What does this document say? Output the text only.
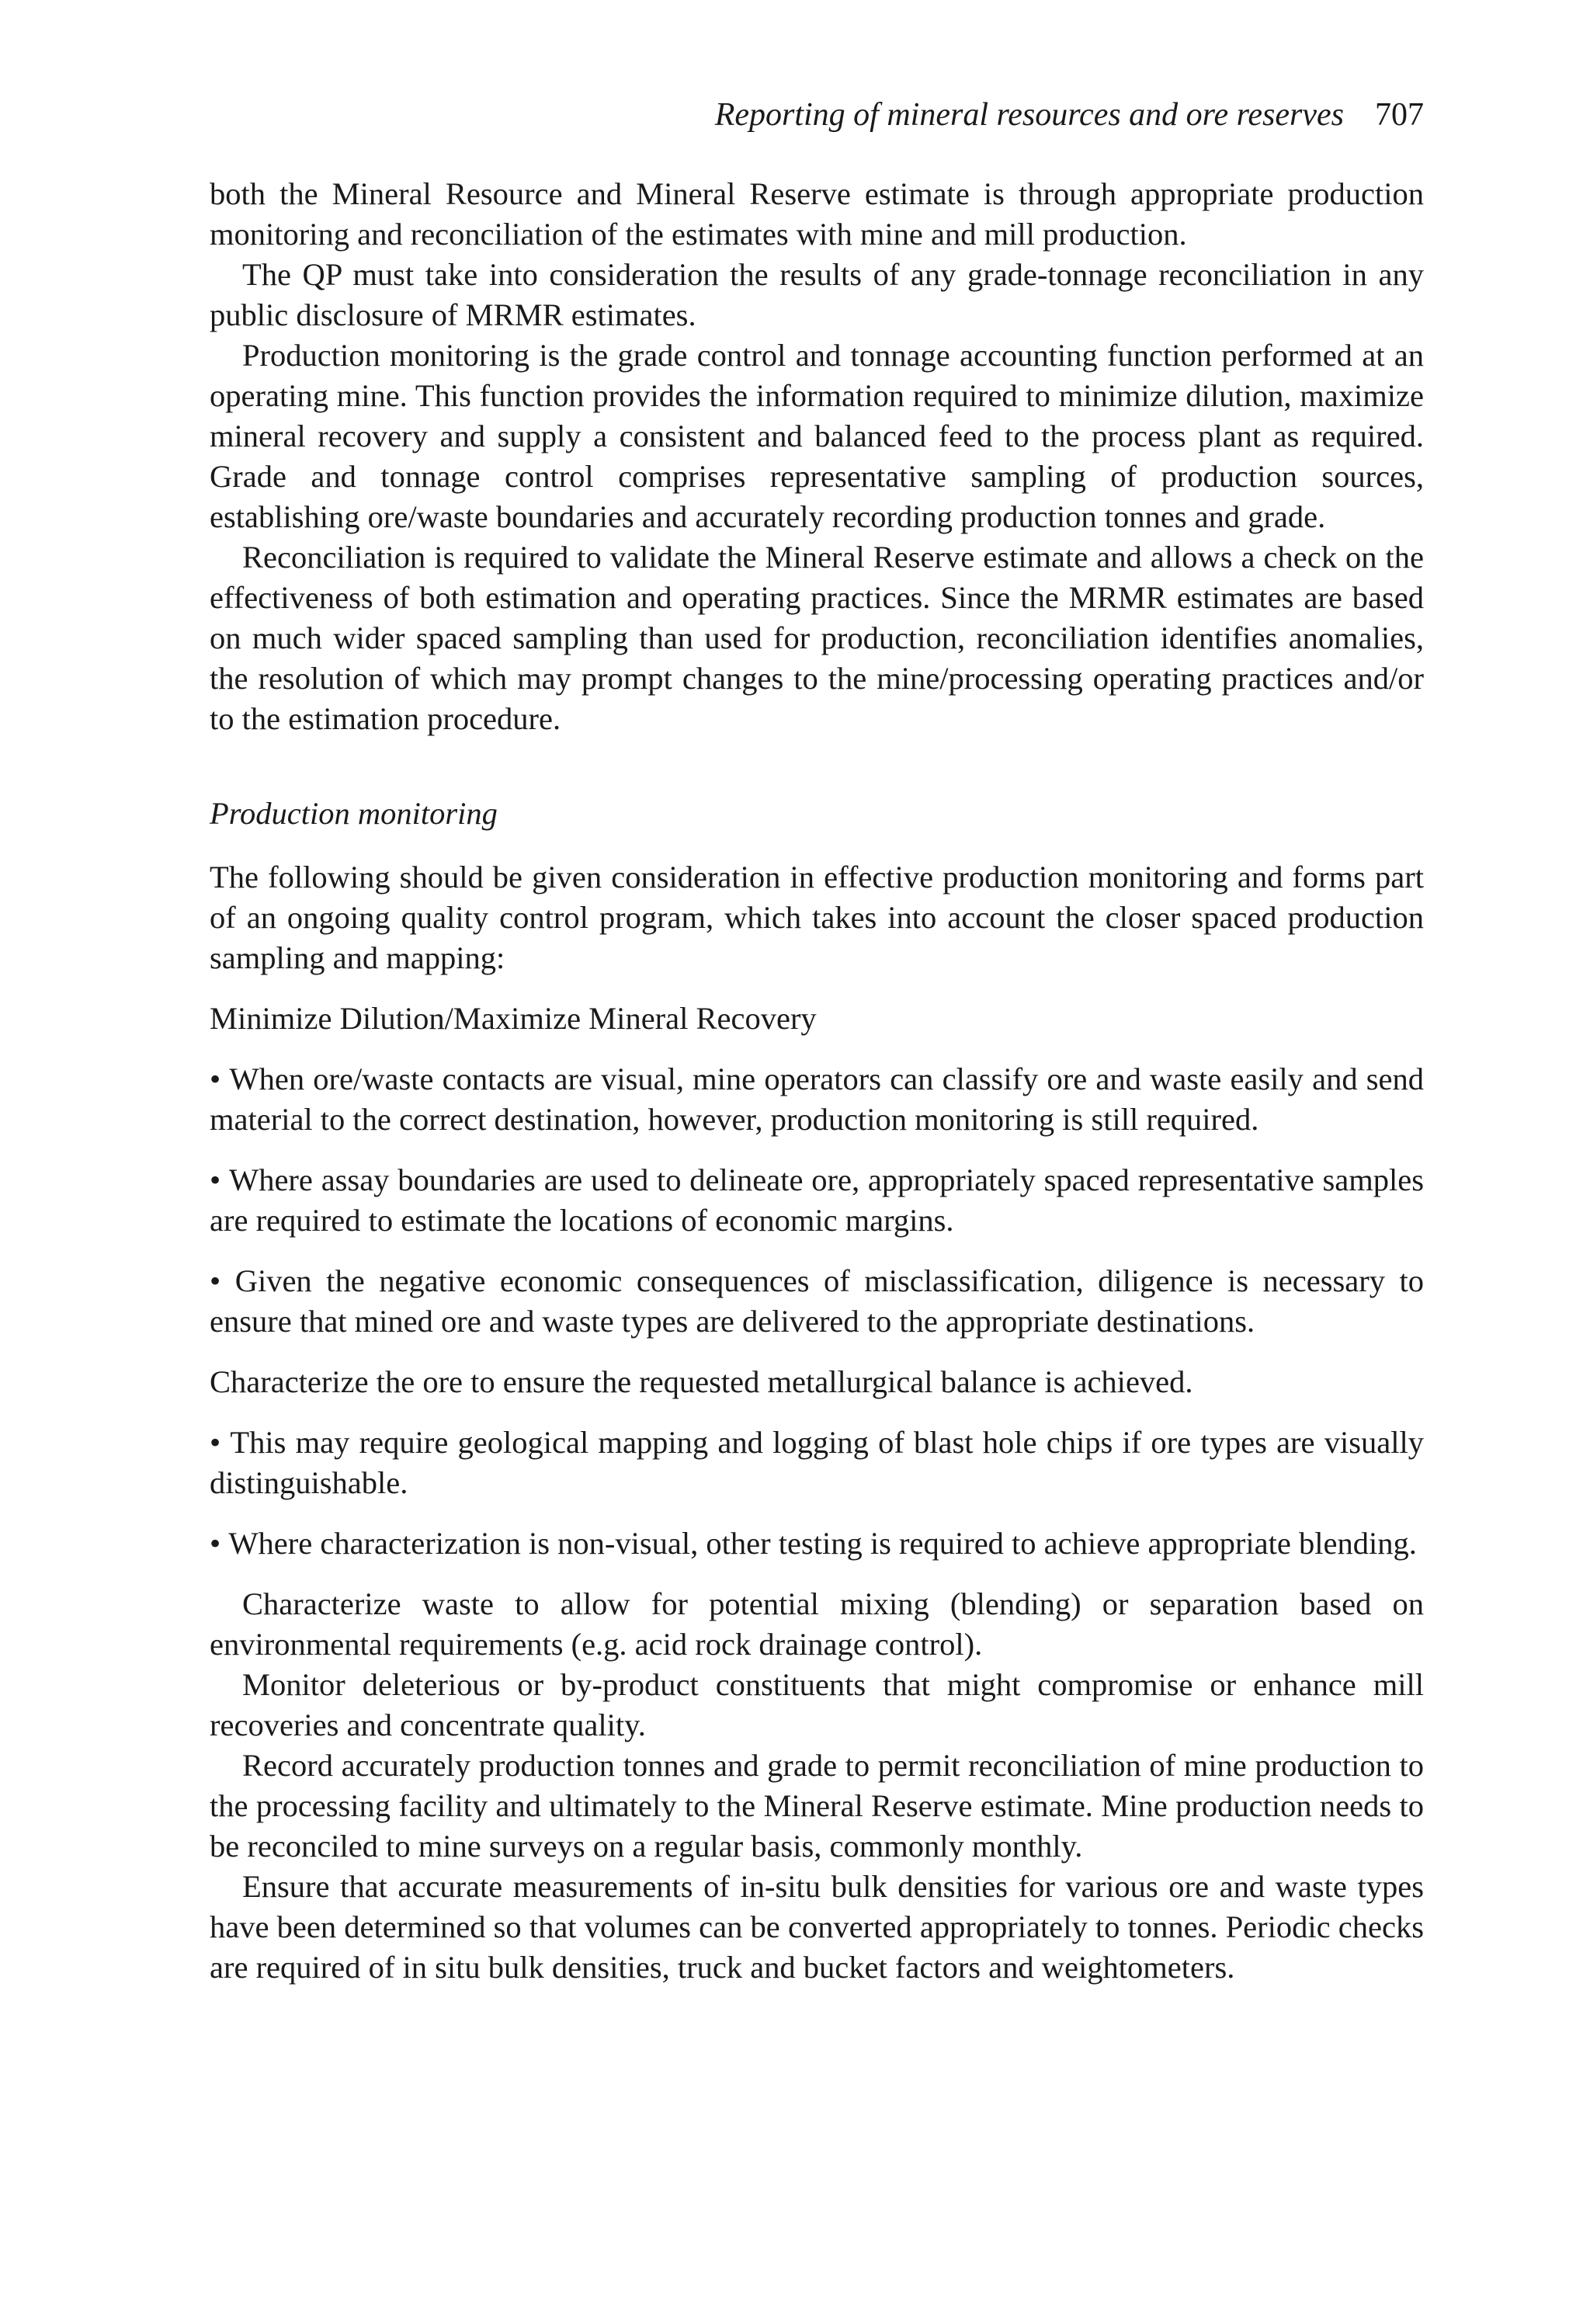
Reporting of mineral resources and ore reserves 707

both the Mineral Resource and Mineral Reserve estimate is through appropriate production monitoring and reconciliation of the estimates with mine and mill production.

The QP must take into consideration the results of any grade-tonnage reconciliation in any public disclosure of MRMR estimates.

Production monitoring is the grade control and tonnage accounting function performed at an operating mine. This function provides the information required to minimize dilution, maximize mineral recovery and supply a consistent and balanced feed to the process plant as required. Grade and tonnage control comprises representative sampling of production sources, establishing ore/waste boundaries and accurately recording production tonnes and grade.

Reconciliation is required to validate the Mineral Reserve estimate and allows a check on the effectiveness of both estimation and operating practices. Since the MRMR estimates are based on much wider spaced sampling than used for production, reconciliation identifies anomalies, the resolution of which may prompt changes to the mine/processing operating practices and/or to the estimation procedure.

Production monitoring

The following should be given consideration in effective production monitoring and forms part of an ongoing quality control program, which takes into account the closer spaced production sampling and mapping:

Minimize Dilution/Maximize Mineral Recovery

• When ore/waste contacts are visual, mine operators can classify ore and waste easily and send material to the correct destination, however, production monitoring is still required.

• Where assay boundaries are used to delineate ore, appropriately spaced representative samples are required to estimate the locations of economic margins.

• Given the negative economic consequences of misclassification, diligence is necessary to ensure that mined ore and waste types are delivered to the appropriate destinations.

Characterize the ore to ensure the requested metallurgical balance is achieved.

• This may require geological mapping and logging of blast hole chips if ore types are visually distinguishable.

• Where characterization is non-visual, other testing is required to achieve appropriate blending.

Characterize waste to allow for potential mixing (blending) or separation based on environmental requirements (e.g. acid rock drainage control).

Monitor deleterious or by-product constituents that might compromise or enhance mill recoveries and concentrate quality.

Record accurately production tonnes and grade to permit reconciliation of mine production to the processing facility and ultimately to the Mineral Reserve estimate. Mine production needs to be reconciled to mine surveys on a regular basis, commonly monthly.

Ensure that accurate measurements of in-situ bulk densities for various ore and waste types have been determined so that volumes can be converted appropriately to tonnes. Periodic checks are required of in situ bulk densities, truck and bucket factors and weightometers.
